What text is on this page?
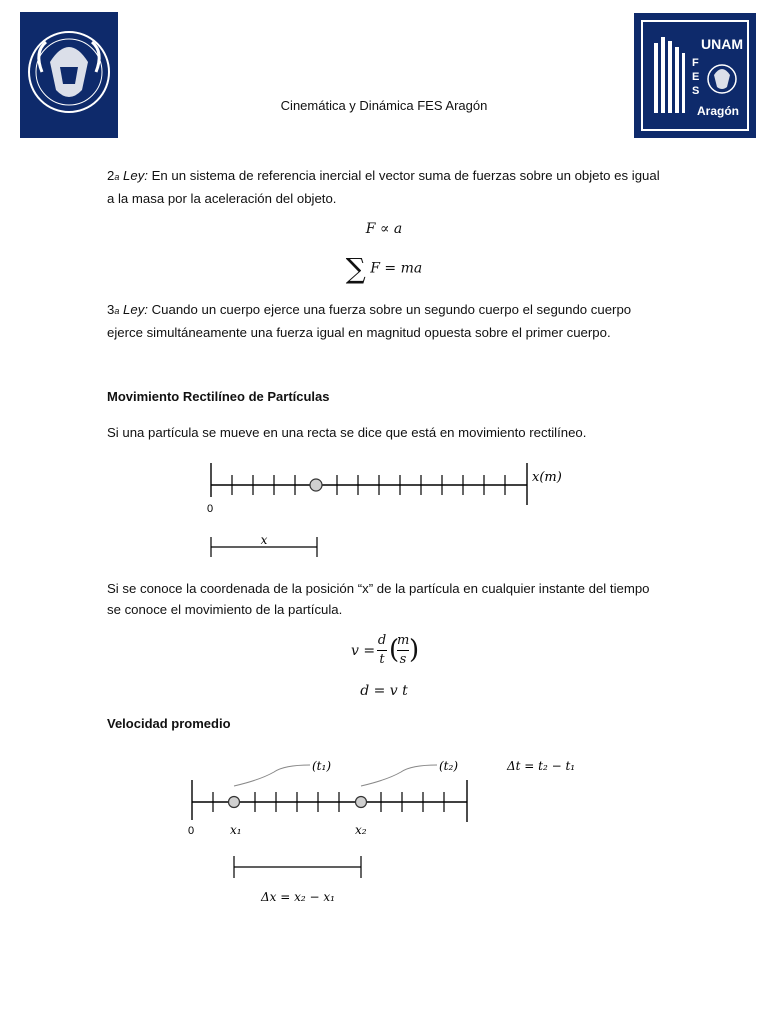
UNAM
F
E
S
Aragón
Cinemática y Dinámica FES Aragón
2a Ley: En un sistema de referencia inercial el vector suma de fuerzas sobre un objeto es igual a la masa por la aceleración del objeto.
F ∝ a
∑ F = ma
3a Ley: Cuando un cuerpo ejerce una fuerza sobre un segundo cuerpo el segundo cuerpo ejerce simultáneamente una fuerza igual en magnitud opuesta sobre el primer cuerpo.
Movimiento Rectilíneo de Partículas
Si una partícula se mueve en una recta se dice que está en movimiento rectilíneo.
0
x(m)
x
Si se conoce la coordenada de la posición “x” de la partícula en cualquier instante del tiempo se conoce el movimiento de la partícula.
v =
d
t (
m
s )
d = v t
Velocidad promedio
0	x₁	x₂
(t₁)	(t₂)	Δt = t₂ − t₁
Δx = x₂ − x₁
